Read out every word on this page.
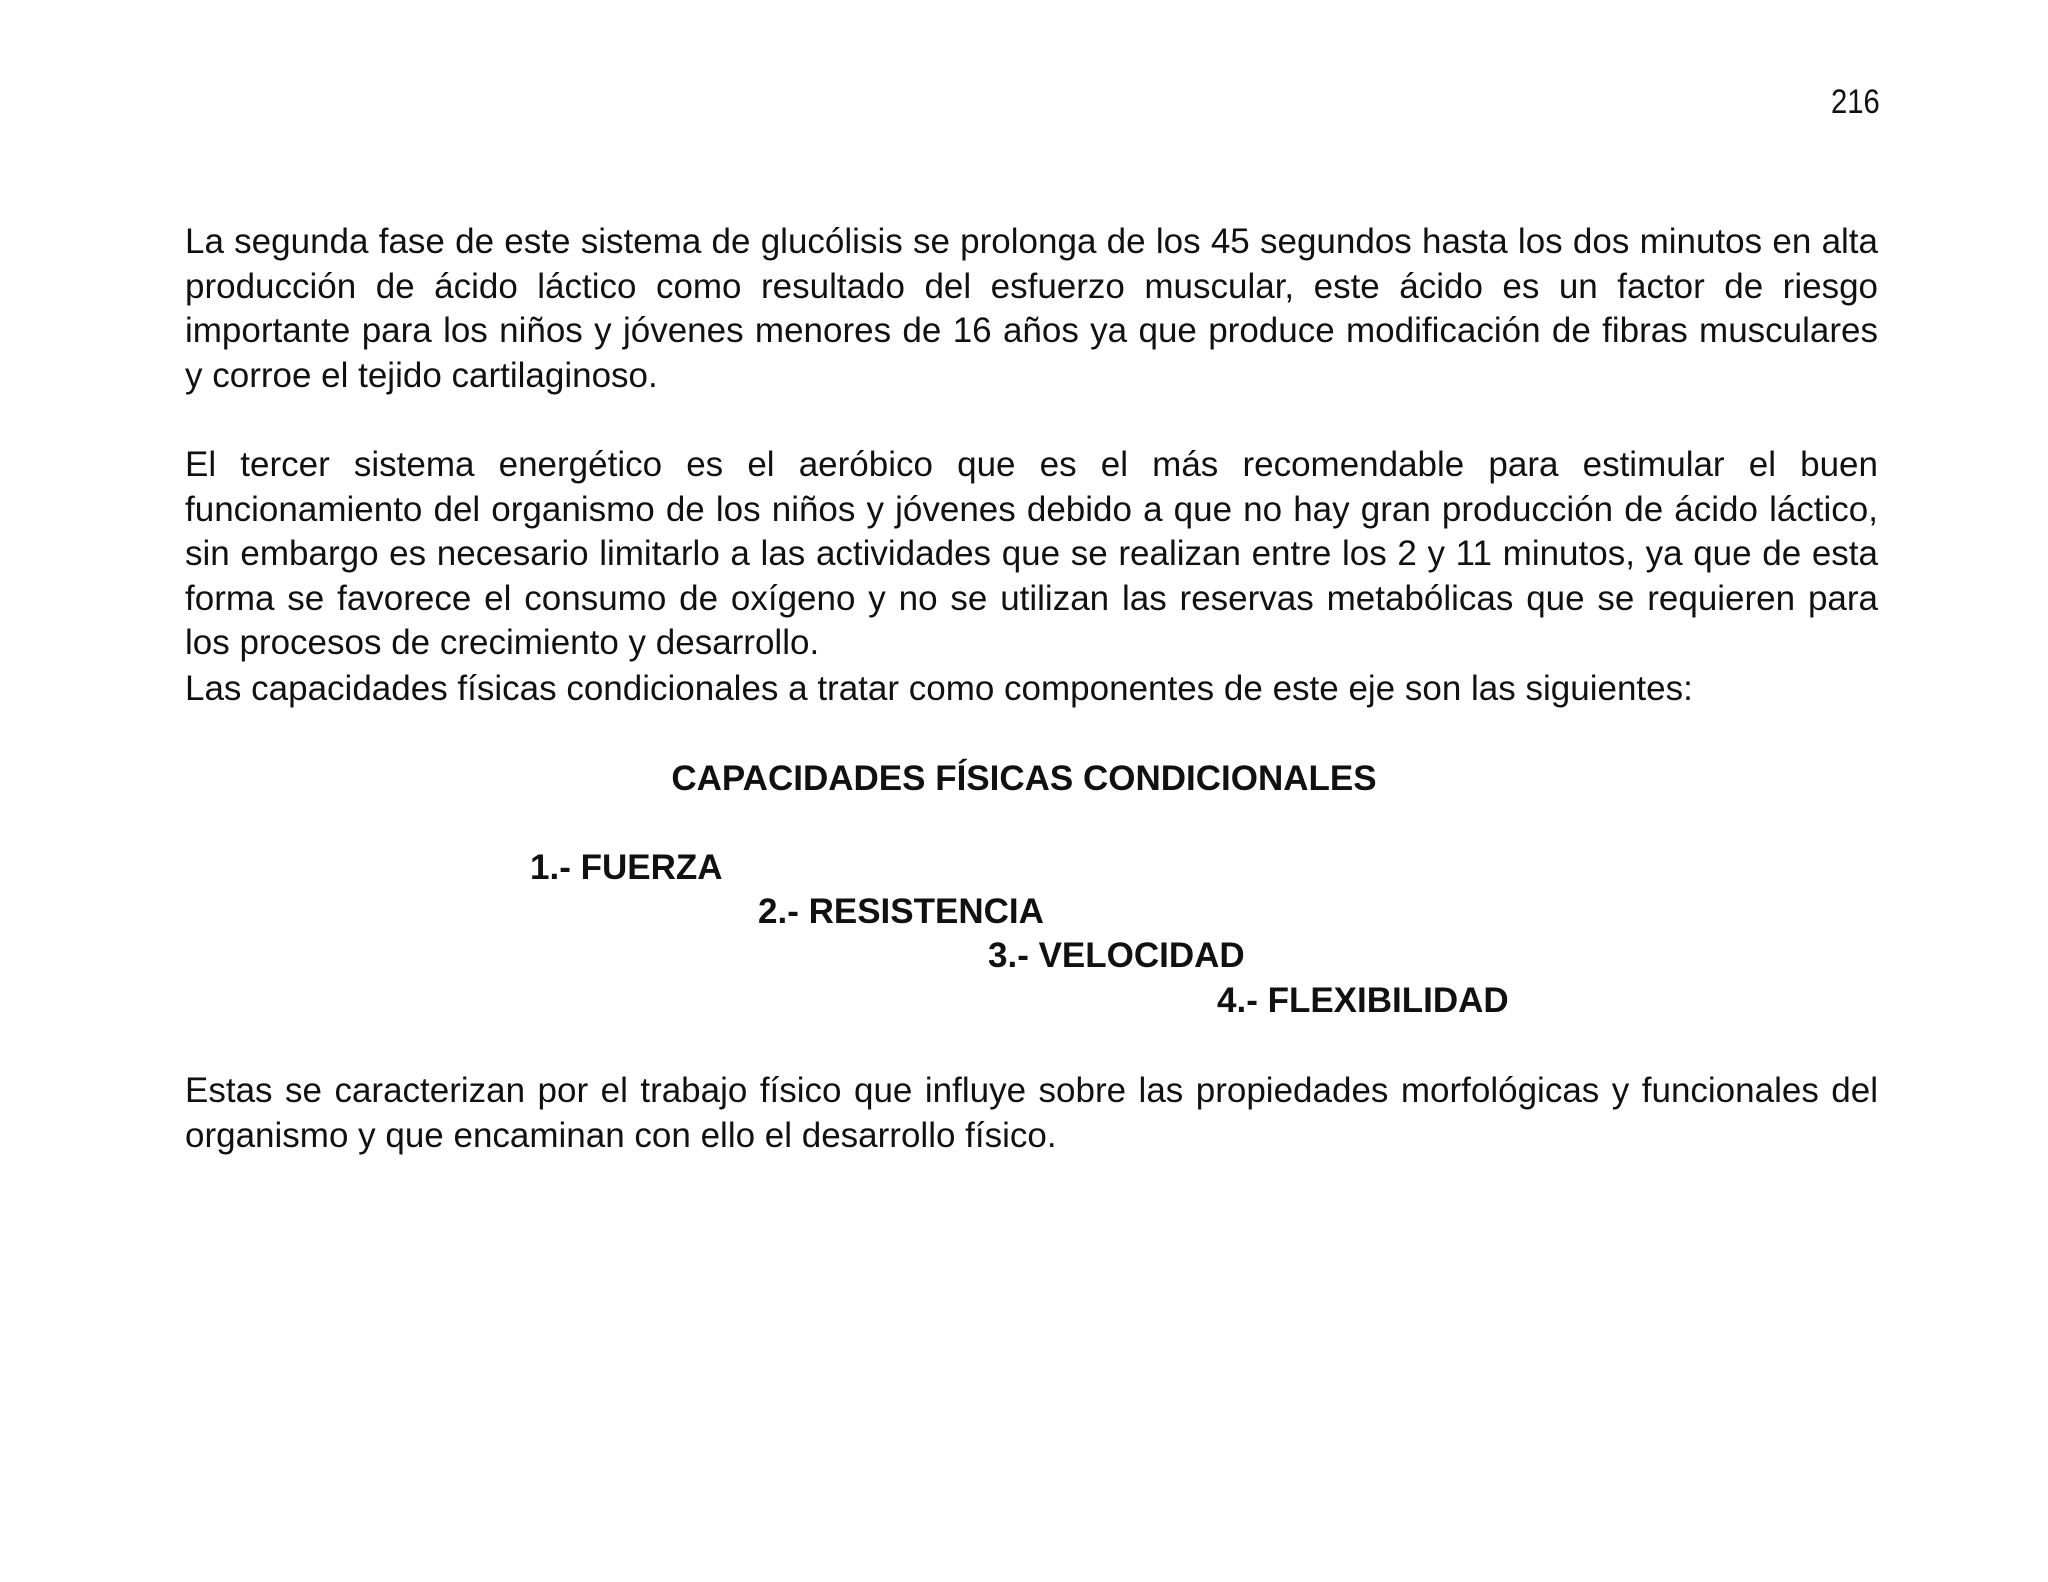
216
La segunda fase de este sistema de glucólisis se prolonga de los 45 segundos hasta los dos minutos en alta producción de ácido láctico como resultado del esfuerzo muscular, este ácido es un factor de riesgo importante para los niños y jóvenes menores de 16 años ya que produce modificación de fibras musculares y corroe el tejido cartilaginoso.
El tercer sistema energético es el aeróbico que es el más recomendable para estimular el buen funcionamiento del organismo de los niños y jóvenes debido a que no hay gran producción de ácido láctico, sin embargo es necesario limitarlo a las actividades que se realizan entre los 2 y 11 minutos, ya que de esta forma se favorece el consumo de oxígeno y no se utilizan las reservas metabólicas que se requieren para los procesos de crecimiento y desarrollo.
Las capacidades físicas condicionales a tratar como componentes de este eje son las siguientes:
CAPACIDADES FÍSICAS CONDICIONALES
1.- FUERZA
2.- RESISTENCIA
3.- VELOCIDAD
4.- FLEXIBILIDAD
Estas se caracterizan por el trabajo físico que influye sobre las propiedades morfológicas y funcionales del organismo y que encaminan con ello el desarrollo físico.
